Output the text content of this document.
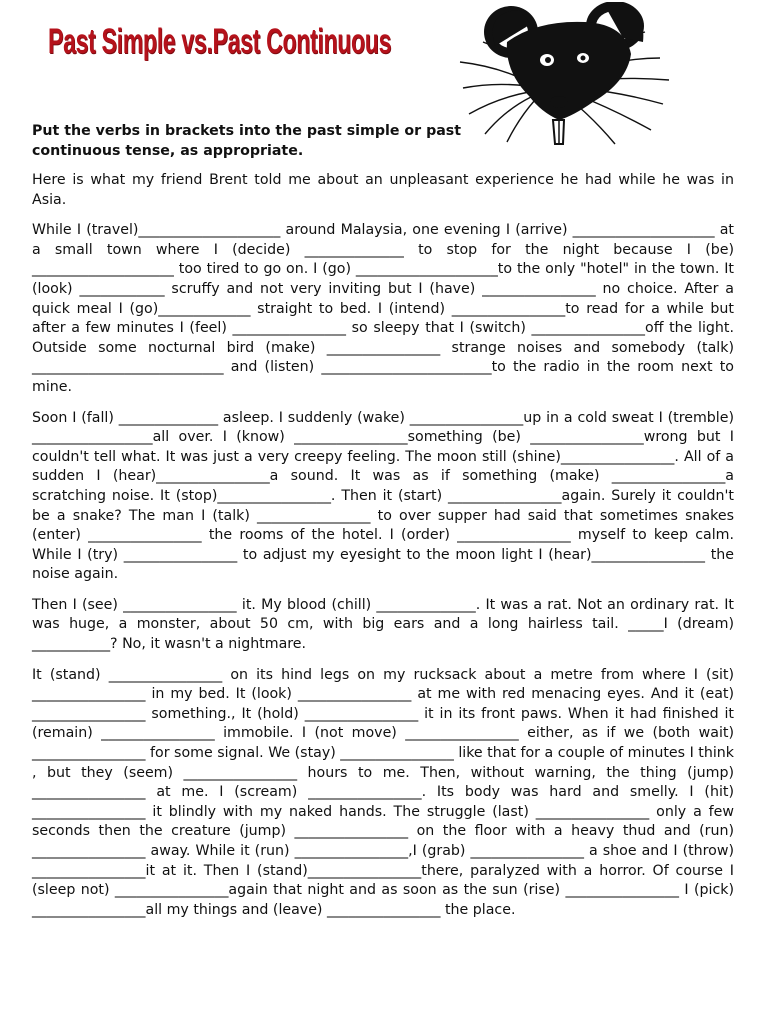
Past Simple vs.Past Continuous

Put the verbs in brackets into the past simple or past continuous tense, as appropriate.

Here is what my friend Brent told me about an unpleasant experience he had while he was in Asia.

While I (travel)____________________ around Malaysia, one evening I (arrive) ____________________ at a small town where I (decide) ______________ to stop for the night because I (be) ____________________ too tired to go on. I (go) ____________________to the only "hotel" in the town. It (look) ____________ scruffy and not very inviting but I (have) ________________ no choice. After a quick meal I (go)_____________ straight to bed. I (intend) ________________to read for a while but after a few minutes I (feel) ________________ so sleepy that I (switch) ________________off the light. Outside some nocturnal bird (make) ________________ strange noises and somebody (talk) ___________________________ and (listen) ________________________to the radio in the room next to mine.

Soon I (fall) ______________ asleep. I suddenly (wake) ________________up in a cold sweat I (tremble) _________________all over. I (know) ________________something (be) ________________wrong but I couldn't tell what. It was just a very creepy feeling. The moon still (shine)________________. All of a sudden I (hear)________________a sound. It was as if something (make) ________________a scratching noise. It (stop)________________. Then it (start) ________________again. Surely it couldn't be a snake? The man I (talk) ________________ to over supper had said that sometimes snakes (enter) ________________ the rooms of the hotel. I (order) ________________ myself to keep calm. While I (try) ________________ to adjust my eyesight to the moon light I (hear)________________ the noise again.

Then I (see) ________________ it. My blood (chill) ______________. It was a rat. Not an ordinary rat. It was huge, a monster, about 50 cm, with big ears and a long hairless tail. _____I (dream) ___________? No, it wasn't a nightmare.

It (stand) ________________ on its hind legs on my rucksack about a metre from where I (sit) ________________ in my bed. It (look) ________________ at me with red menacing eyes. And it (eat) ________________ something., It (hold) ________________ it in its front paws. When it had finished it (remain) ________________ immobile. I (not move) ________________ either, as if we (both wait) ________________ for some signal. We (stay) ________________ like that for a couple of minutes I think , but they (seem) ________________ hours to me. Then, without warning, the thing (jump) ________________ at me. I (scream) ________________. Its body was hard and smelly. I (hit) ________________ it blindly with my naked hands. The struggle (last) ________________ only a few seconds then the creature (jump) ________________ on the floor with a heavy thud and (run) ________________ away. While it (run) ________________,I (grab) ________________ a shoe and I (throw) ________________it at it. Then I (stand)________________there, paralyzed with a horror. Of course I (sleep not) ________________again that night and as soon as the sun (rise) ________________ I (pick) ________________all my things and (leave) ________________ the place.
